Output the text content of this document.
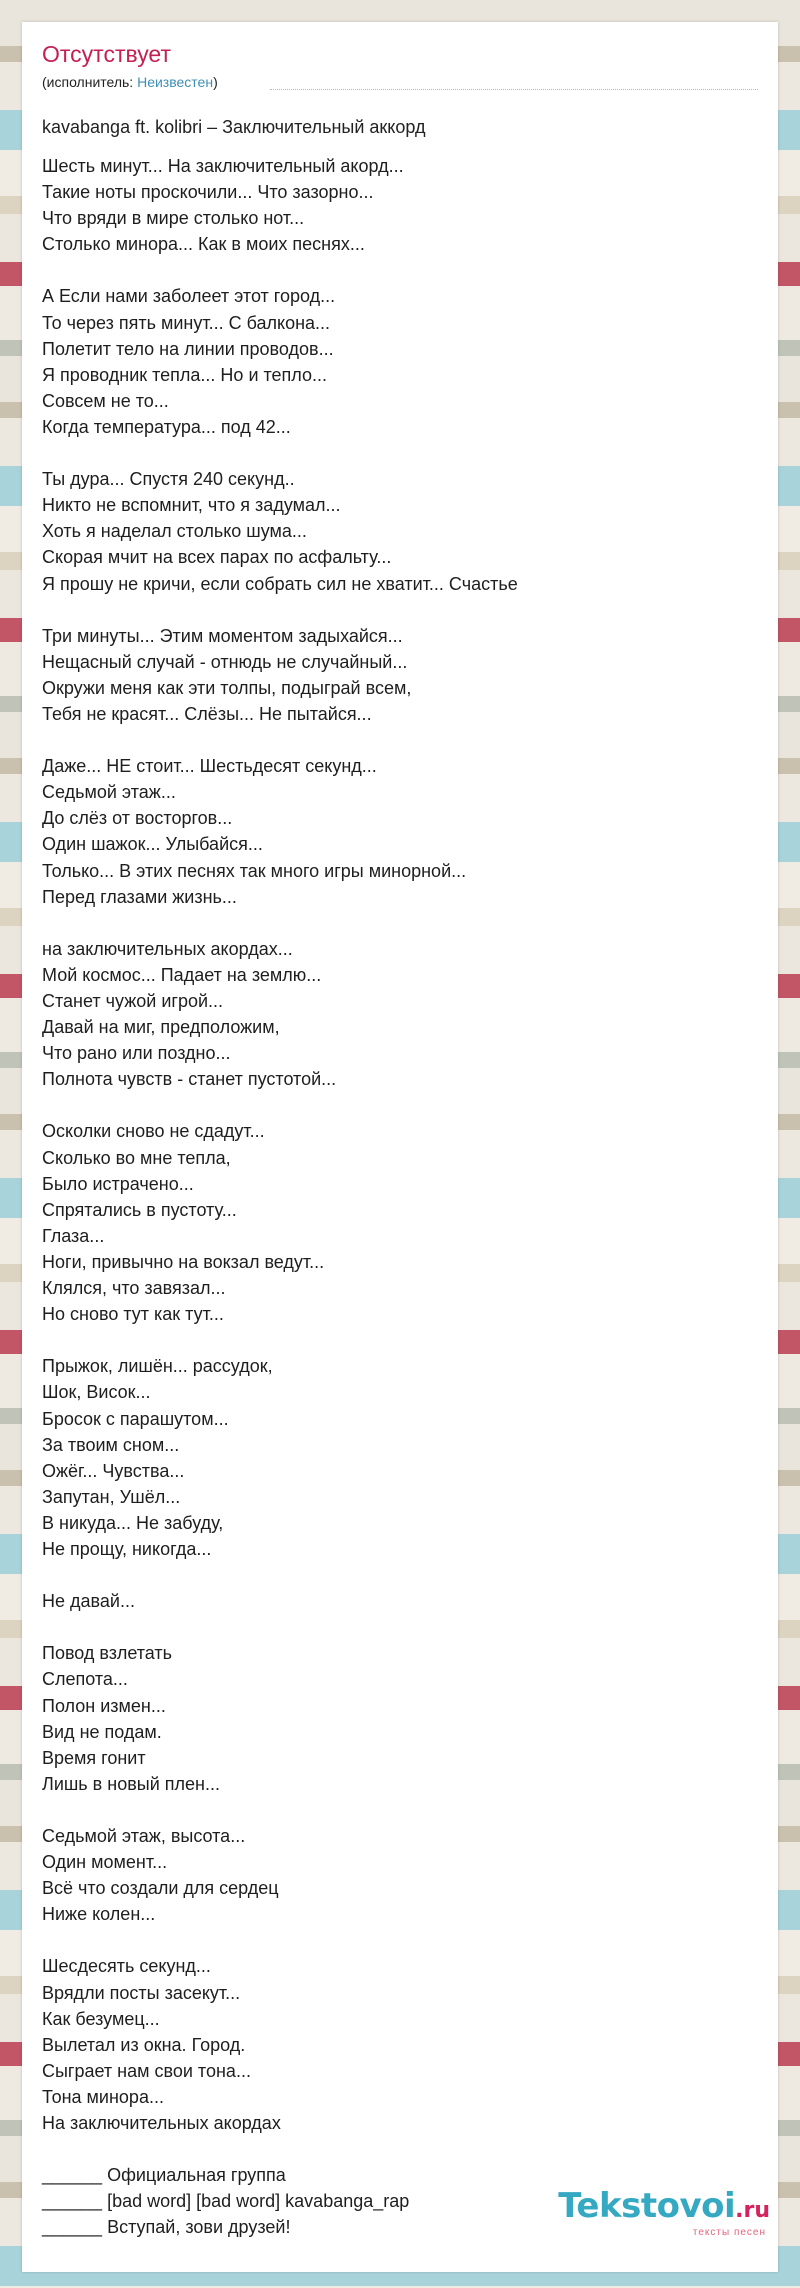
Отсутствует
(исполнитель: Неизвестен)
kavabanga ft. kolibri – Заключительный аккорд
Шесть минут... На заключительный акорд...
Такие ноты проскочили... Что зазорно...
Что вряди в мире столько нот...
Столько минора... Как в моих песнях...
А Если нами заболеет этот город...
То через пять минут... С балкона...
Полетит тело на линии проводов...
Я проводник тепла... Но и тепло...
Совсем не то...
Когда температура... под 42...
Ты дура... Спустя 240 секунд..
Никто не вспомнит, что я задумал...
Хоть я наделал столько шума...
Скорая мчит на всех парах по асфальту...
Я прошу не кричи, если собрать сил не хватит... Счастье
Три минуты... Этим моментом задыхайся...
Нещасный случай - отнюдь не случайный...
Окружи меня как эти толпы, подыграй всем,
Тебя не красят... Слёзы... Не пытайся...
Даже... НЕ стоит... Шестьдесят секунд...
Седьмой этаж...
До слёз от восторгов...
Один шажок... Улыбайся...
Только... В этих песнях так много игры минорной...
Перед глазами жизнь...
на заключительных акордах...
Мой космос... Падает на землю...
Станет чужой игрой...
Давай на миг, предположим,
Что рано или поздно...
Полнота чувств - станет пустотой...
Осколки сново не сдадут...
Сколько во мне тепла,
Было истрачено...
Спрятались в пустоту...
Глаза...
Ноги, привычно на вокзал ведут...
Клялся, что завязал...
Но сново тут как тут...
Прыжок, лишён... рассудок,
Шок, Висок...
Бросок с парашутом...
За твоим сном...
Ожёг... Чувства...
Запутан, Ушёл...
В никуда... Не забуду,
Не прощу, никогда...
Не давай...
Повод взлетать
Слепота...
Полон измен...
Вид не подам.
Время гонит
Лишь в новый плен...
Седьмой этаж, высота...
Один момент...
Всё что создали для сердец
Ниже колен...
Шесдесять секунд...
Врядли посты засекут...
Как безумец...
Вылетал из окна. Город.
Сыграет нам свои тона...
Тона минора...
На заключительных акордах
______ Официальная группа
______ [bad word] [bad word] kavabanga_rap
______ Вступай, зови друзей!
Tekstovoi.ru
тексты песен
